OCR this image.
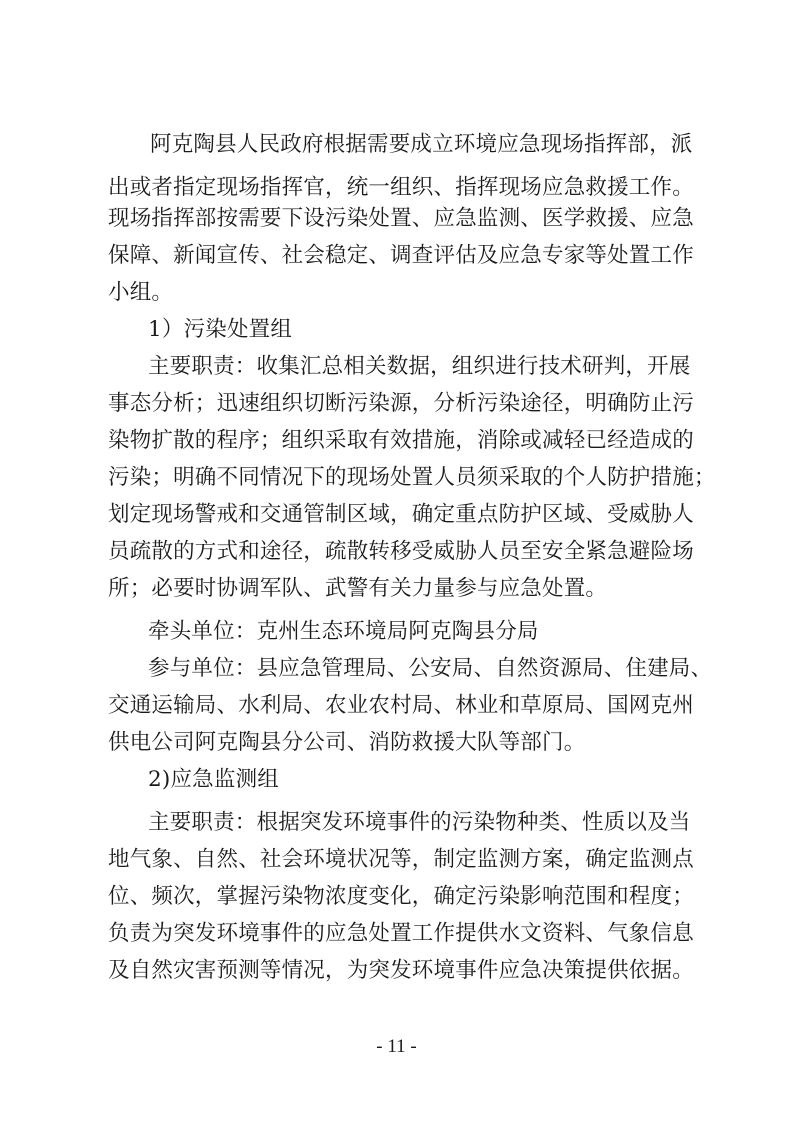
阿克陶县人民政府根据需要成立环境应急现场指挥部，派
出或者指定现场指挥官，统一组织、指挥现场应急救援工作。
现场指挥部按需要下设污染处置、应急监测、医学救援、应急
保障、新闻宣传、社会稳定、调查评估及应急专家等处置工作
小组。
1）污染处置组
主要职责：收集汇总相关数据，组织进行技术研判，开展
事态分析；迅速组织切断污染源，分析污染途径，明确防止污
染物扩散的程序；组织采取有效措施，消除或减轻已经造成的
污染；明确不同情况下的现场处置人员须采取的个人防护措施；
划定现场警戒和交通管制区域，确定重点防护区域、受威胁人
员疏散的方式和途径，疏散转移受威胁人员至安全紧急避险场
所；必要时协调军队、武警有关力量参与应急处置。
牵头单位：克州生态环境局阿克陶县分局
参与单位：县应急管理局、公安局、自然资源局、住建局、
交通运输局、水利局、农业农村局、林业和草原局、国网克州
供电公司阿克陶县分公司、消防救援大队等部门。
2)应急监测组
主要职责：根据突发环境事件的污染物种类、性质以及当
地气象、自然、社会环境状况等，制定监测方案，确定监测点
位、频次，掌握污染物浓度变化，确定污染影响范围和程度；
负责为突发环境事件的应急处置工作提供水文资料、气象信息
及自然灾害预测等情况，为突发环境事件应急决策提供依据。
- 11 -
